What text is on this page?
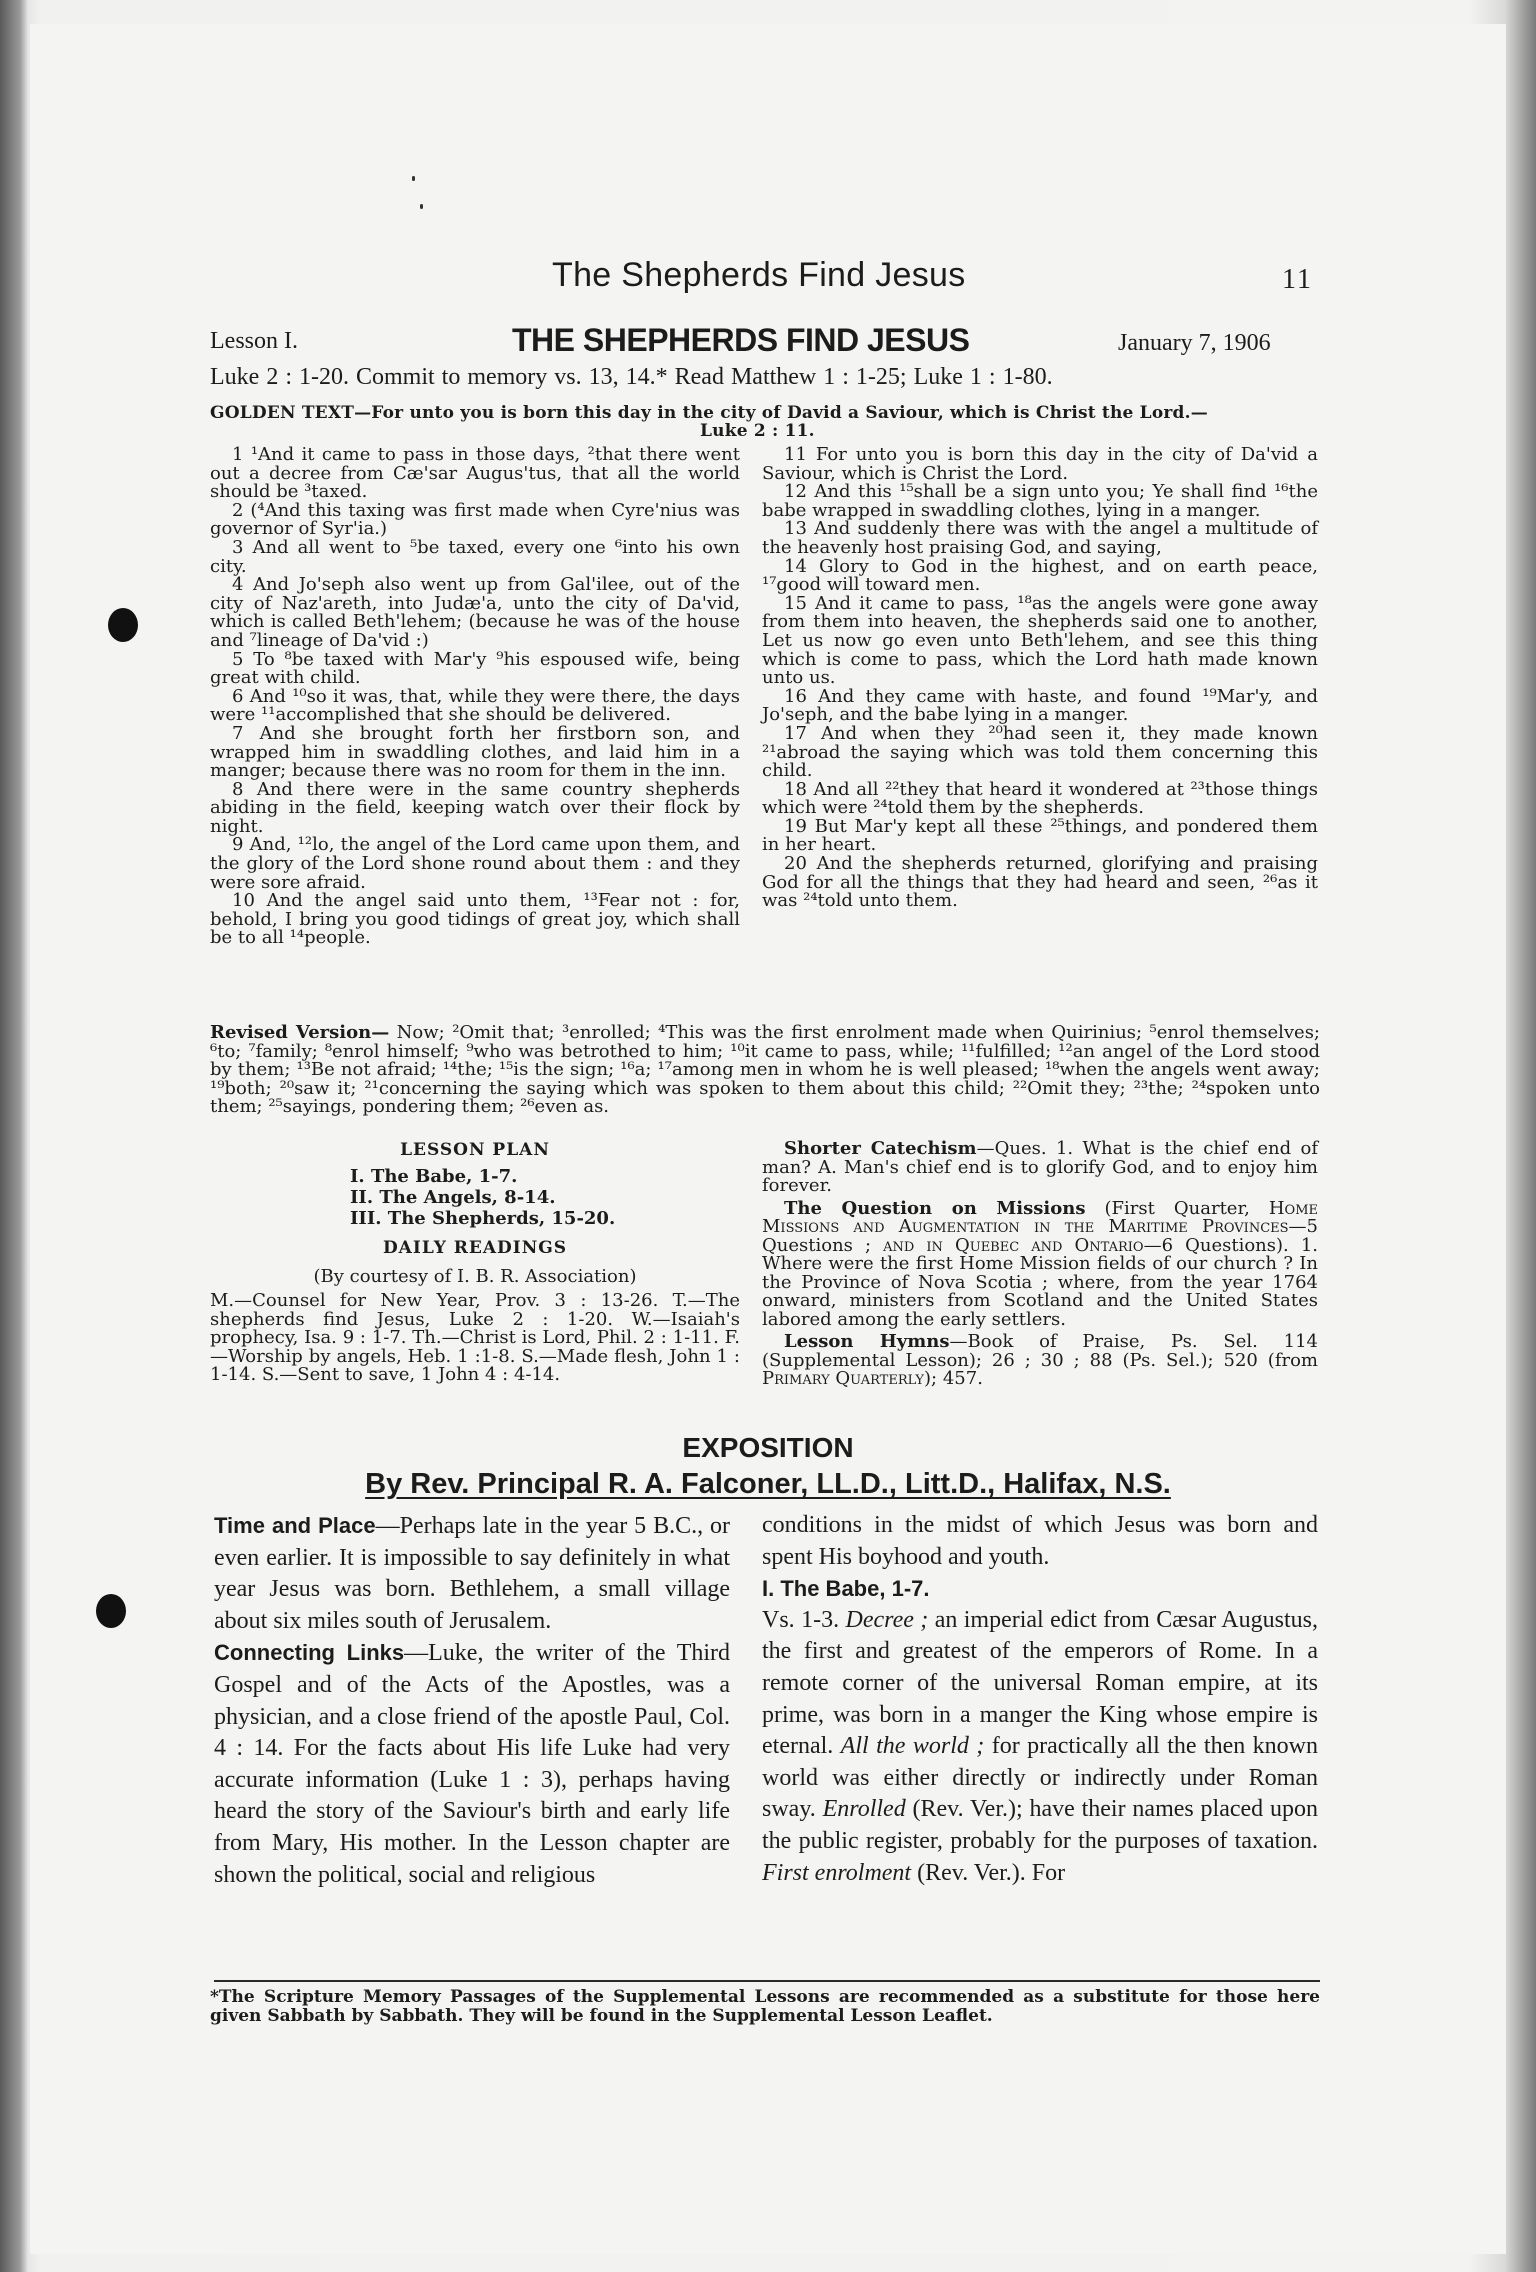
The Shepherds Find Jesus	11
Lesson I.	THE SHEPHERDS FIND JESUS	January 7, 1906
Luke 2 : 1-20. Commit to memory vs. 13, 14.* Read Matthew 1 : 1-25; Luke 1 : 1-80.
GOLDEN TEXT—For unto you is born this day in the city of David a Saviour, which is Christ the Lord.—
Luke 2 : 11.

1 ¹And it came to pass in those days, ²that there went out a decree from Cæ'sar Augus'tus, that all the world should be ³taxed.

2 (⁴And this taxing was first made when Cyre'nius was governor of Syr'ia.)

3 And all went to ⁵be taxed, every one ⁶into his own city.

4 And Jo'seph also went up from Gal'ilee, out of the city of Naz'areth, into Judæ'a, unto the city of Da'vid, which is called Beth'lehem; (because he was of the house and ⁷lineage of Da'vid :)

5 To ⁸be taxed with Mar'y ⁹his espoused wife, being great with child.

6 And ¹⁰so it was, that, while they were there, the days were ¹¹accomplished that she should be delivered.

7 And she brought forth her firstborn son, and wrapped him in swaddling clothes, and laid him in a manger; because there was no room for them in the inn.

8 And there were in the same country shepherds abiding in the field, keeping watch over their flock by night.

9 And, ¹²lo, the angel of the Lord came upon them, and the glory of the Lord shone round about them : and they were sore afraid.

10 And the angel said unto them, ¹³Fear not : for, behold, I bring you good tidings of great joy, which shall be to all ¹⁴people.

11 For unto you is born this day in the city of Da'vid a Saviour, which is Christ the Lord.

12 And this ¹⁵shall be a sign unto you; Ye shall find ¹⁶the babe wrapped in swaddling clothes, lying in a manger.

13 And suddenly there was with the angel a multitude of the heavenly host praising God, and saying,

14 Glory to God in the highest, and on earth peace, ¹⁷good will toward men.

15 And it came to pass, ¹⁸as the angels were gone away from them into heaven, the shepherds said one to another, Let us now go even unto Beth'lehem, and see this thing which is come to pass, which the Lord hath made known unto us.

16 And they came with haste, and found ¹⁹Mar'y, and Jo'seph, and the babe lying in a manger.

17 And when they ²⁰had seen it, they made known ²¹abroad the saying which was told them concerning this child.

18 And all ²²they that heard it wondered at ²³those things which were ²⁴told them by the shepherds.

19 But Mar'y kept all these ²⁵things, and pondered them in her heart.

20 And the shepherds returned, glorifying and praising God for all the things that they had heard and seen, ²⁶as it was ²⁴told unto them.

Revised Version— Now; ²Omit that; ³enrolled; ⁴This was the first enrolment made when Quirinius; ⁵enrol themselves; ⁶to; ⁷family; ⁸enrol himself; ⁹who was betrothed to him; ¹⁰it came to pass, while; ¹¹fulfilled; ¹²an angel of the Lord stood by them; ¹³Be not afraid; ¹⁴the; ¹⁵is the sign; ¹⁶a; ¹⁷among men in whom he is well pleased; ¹⁸when the angels went away; ¹⁹both; ²⁰saw it; ²¹concerning the saying which was spoken to them about this child; ²²Omit they; ²³the; ²⁴spoken unto them; ²⁵sayings, pondering them; ²⁶even as.
LESSON PLAN
I. The Babe, 1-7.
II. The Angels, 8-14.
III. The Shepherds, 15-20.
DAILY READINGS
(By courtesy of I. B. R. Association)
M.—Counsel for New Year, Prov. 3 : 13-26. T.—The shepherds find Jesus, Luke 2 : 1-20. W.—Isaiah's prophecy, Isa. 9 : 1-7. Th.—Christ is Lord, Phil. 2 : 1-11. F.—Worship by angels, Heb. 1 :1-8. S.—Made flesh, John 1 : 1-14. S.—Sent to save, 1 John 4 : 4-14.

Shorter Catechism—Ques. 1. What is the chief end of man? A. Man's chief end is to glorify God, and to enjoy him forever.

The Question on Missions (First Quarter, Home Missions and Augmentation in the Maritime Provinces—5 Questions ; and in Quebec and Ontario—6 Questions). 1. Where were the first Home Mission fields of our church ? In the Province of Nova Scotia ; where, from the year 1764 onward, ministers from Scotland and the United States labored among the early settlers.

Lesson Hymns—Book of Praise, Ps. Sel. 114 (Supplemental Lesson); 26 ; 30 ; 88 (Ps. Sel.); 520 (from Primary Quarterly); 457.

EXPOSITION
By Rev. Principal R. A. Falconer, LL.D., Litt.D., Halifax, N.S.

Time and Place—Perhaps late in the year 5 B.C., or even earlier. It is impossible to say definitely in what year Jesus was born. Bethlehem, a small village about six miles south of Jerusalem.

Connecting Links—Luke, the writer of the Third Gospel and of the Acts of the Apostles, was a physician, and a close friend of the apostle Paul, Col. 4 : 14. For the facts about His life Luke had very accurate information (Luke 1 : 3), perhaps having heard the story of the Saviour's birth and early life from Mary, His mother. In the Lesson chapter are shown the political, social and religious

conditions in the midst of which Jesus was born and spent His boyhood and youth.

I. The Babe, 1-7.

Vs. 1-3. Decree ; an imperial edict from Cæsar Augustus, the first and greatest of the emperors of Rome. In a remote corner of the universal Roman empire, at its prime, was born in a manger the King whose empire is eternal. All the world ; for practically all the then known world was either directly or indirectly under Roman sway. Enrolled (Rev. Ver.); have their names placed upon the public register, probably for the purposes of taxation. First enrolment (Rev. Ver.). For

*The Scripture Memory Passages of the Supplemental Lessons are recommended as a substitute for those here given Sabbath by Sabbath. They will be found in the Supplemental Lesson Leaflet.
